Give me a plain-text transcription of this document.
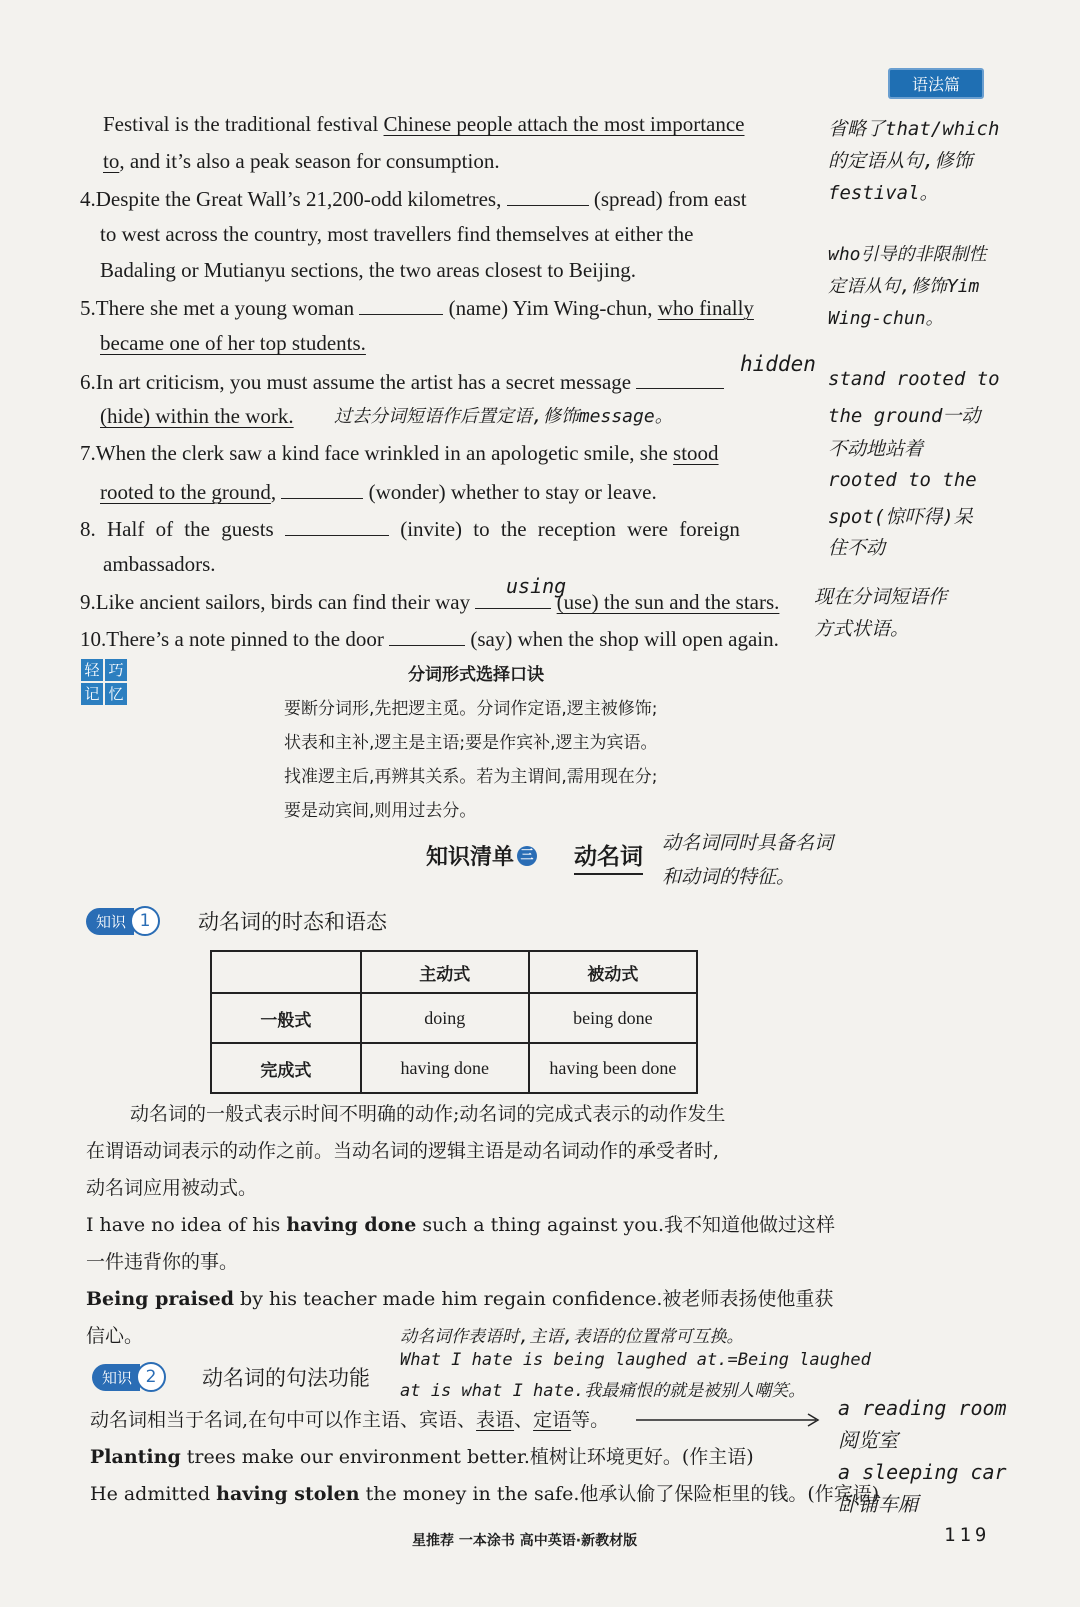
语法篇
Festival is the traditional festival Chinese people attach the most importance
to, and it’s also a peak season for consumption.
4.Despite the Great Wall’s 21,200-odd kilometres,	(spread) from east
to west across the country, most travellers find themselves at either the
Badaling or Mutianyu sections, the two areas closest to Beijing.
5.There she met a young woman	(name) Yim Wing-chun, who finally
became one of her top students.
6.In art criticism, you must assume the artist has a secret message
hidden
(hide) within the work. 过去分词短语作后置定语,修饰message。
7.When the clerk saw a kind face wrinkled in an apologetic smile, she stood
rooted to the ground,	(wonder) whether to stay or leave.
8. Half of the guests	(invite) to the reception were foreign
ambassadors.
9.Like ancient sailors, birds can find their way	(use) the sun and the stars.
using
10.There’s a note pinned to the door	(say) when the shop will open again.
省略了that/which
的定语从句,修饰
festival。
who引导的非限制性
定语从句,修饰Yim
Wing-chun。
stand rooted to
the ground一动
不动地站着
rooted to the
spot(惊吓得)呆
住不动
现在分词短语作
方式状语。
轻 巧记 忆
分词形式选择口诀
要断分词形,先把逻主觅。分词作定语,逻主被修饰;
状表和主补,逻主是主语;要是作宾补,逻主为宾语。
找准逻主后,再辨其关系。若为主谓间,需用现在分;
要是动宾间,则用过去分。
知识清单 三 动名词
动名词同时具备名词
和动词的特征。
知识 1	动名词的时态和语态
	主动式	被动式
一般式	doing	being done
完成式	having done	having been done
动名词的一般式表示时间不明确的动作;动名词的完成式表示的动作发生
在谓语动词表示的动作之前。当动名词的逻辑主语是动名词动作的承受者时,
动名词应用被动式。
I have no idea of his having done such a thing against you.我不知道他做过这样
一件违背你的事。
Being praised by his teacher made him regain confidence.被老师表扬使他重获
信心。	动名词作表语时,主语,表语的位置常可互换。
What I hate is being laughed at.=Being laughed
at is what I hate.我最痛恨的就是被别人嘲笑。
知识 2	动名词的句法功能
动名词相当于名词,在句中可以作主语、宾语、表语、定语等。	a reading room
阅览室
a sleeping car
卧铺车厢
Planting trees make our environment better.植树让环境更好。(作主语)
He admitted having stolen the money in the safe.他承认偷了保险柜里的钱。(作宾语)
星推荐 一本涂书 高中英语·新教材版	119
